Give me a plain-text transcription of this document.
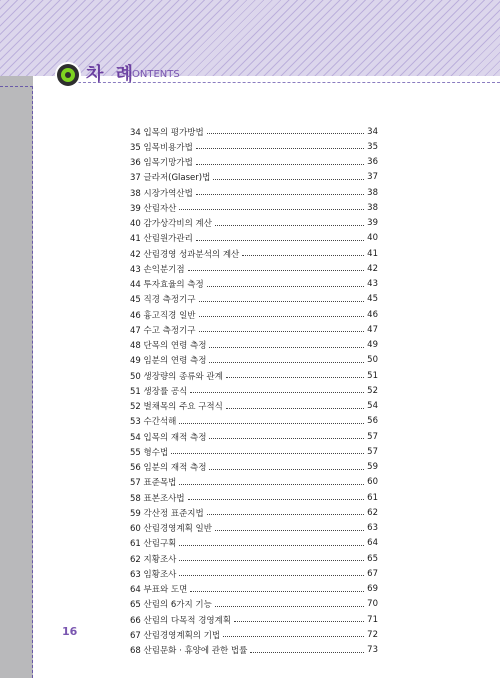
차 례
CONTENTS
34 입목의 평가방법	34
35 임목비용가법	35
36 임목기망가법	36
37 글라저(Glaser)법	37
38 시장가역산법	38
39 산림자산	38
40 감가상각비의 계산	39
41 산림원가관리	40
42 산림경영 성과분석의 계산	41
43 손익분기점	42
44 투자효율의 측정	43
45 직경 측정기구	45
46 흉고직경 일반	46
47 수고 측정기구	47
48 단목의 연령 측정	49
49 임분의 연령 측정	50
50 생장량의 종류와 관계	51
51 생장률 공식	52
52 벌채목의 주요 구적식	54
53 수간석해	56
54 입목의 재적 측정	57
55 형수법	57
56 임분의 재적 측정	59
57 표준목법	60
58 표본조사법	61
59 각산정 표준지법	62
60 산림경영계획 일반	63
61 산림구획	64
62 지황조사	65
63 임황조사	67
64 부표와 도면	69
65 산림의 6가지 기능	70
66 산림의 다목적 경영계획	71
67 산림경영계획의 기법	72
68 산림문화 · 휴양에 관한 법률	73
16
